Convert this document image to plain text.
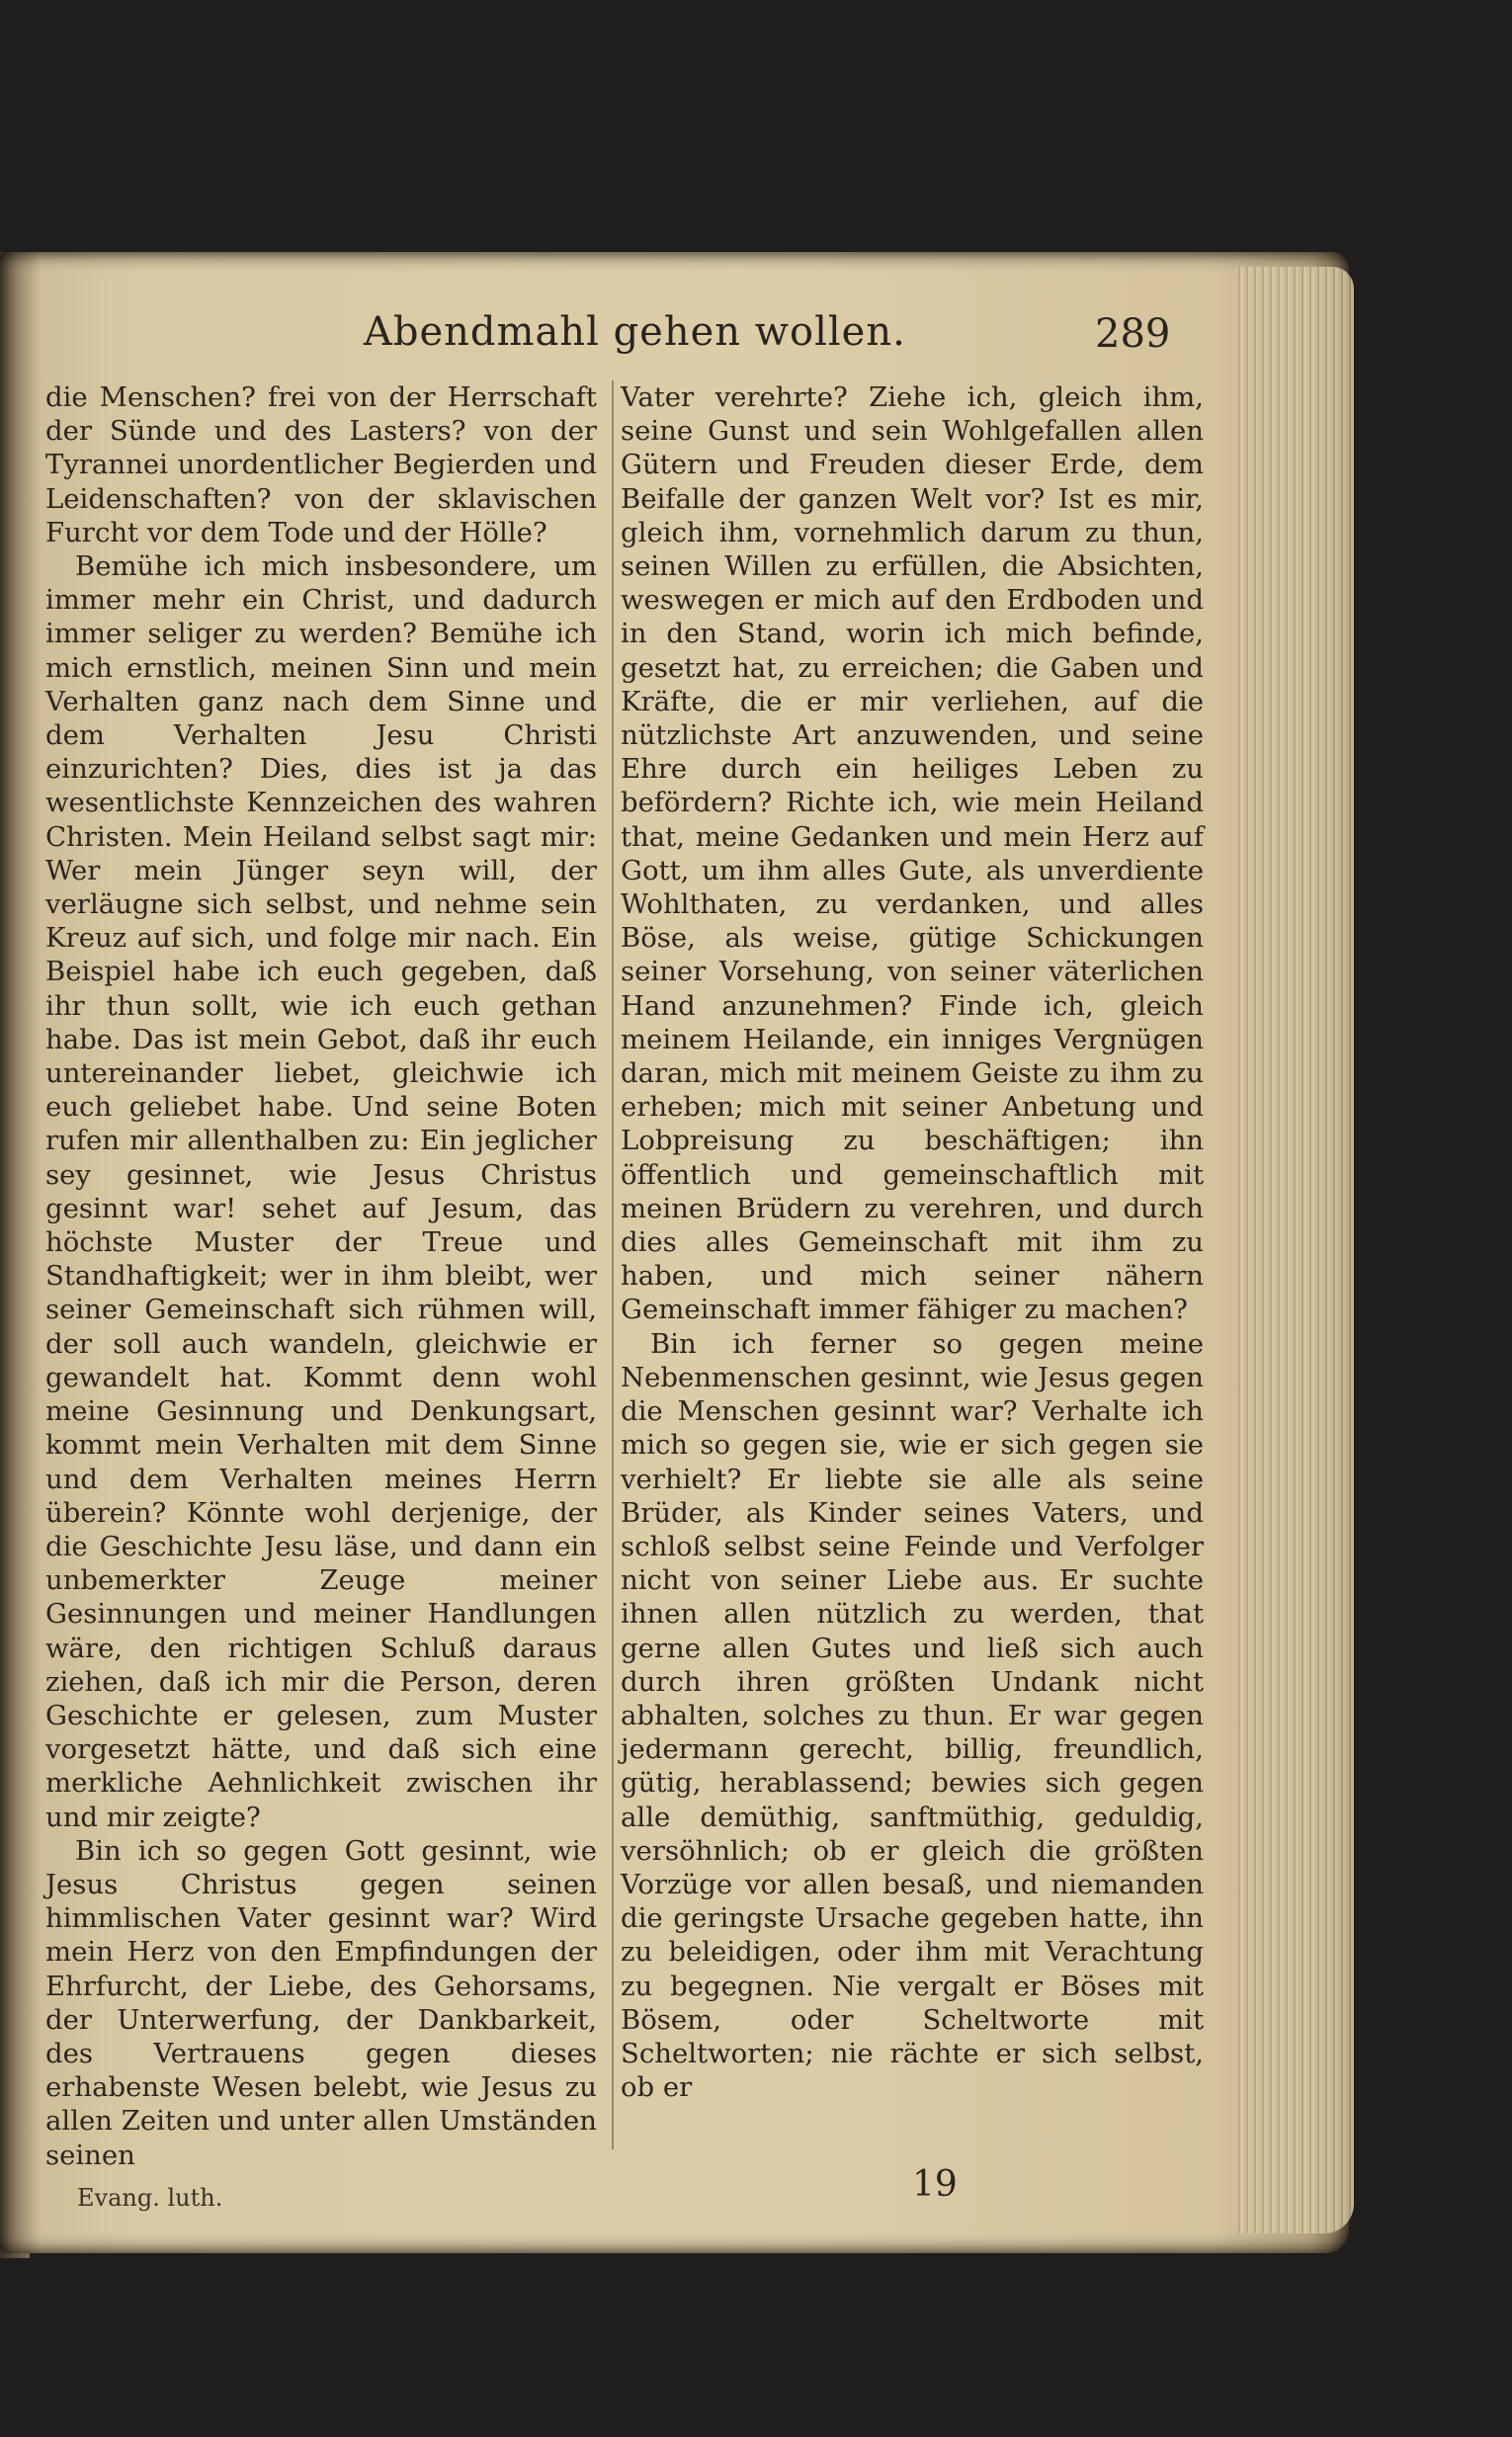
Abendmahl gehen wollen.	289

die Menschen? frei von der Herrschaft der Sünde und des Lasters? von der Tyrannei unordentlicher Begierden und Leidenschaften? von der sklavischen Furcht vor dem Tode und der Hölle?

Bemühe ich mich insbesondere, um immer mehr ein Christ, und dadurch immer seliger zu werden? Bemühe ich mich ernstlich, meinen Sinn und mein Verhalten ganz nach dem Sinne und dem Verhalten Jesu Christi einzurichten? Dies, dies ist ja das wesentlichste Kennzeichen des wahren Christen. Mein Heiland selbst sagt mir: Wer mein Jünger seyn will, der verläugne sich selbst, und nehme sein Kreuz auf sich, und folge mir nach. Ein Beispiel habe ich euch gegeben, daß ihr thun sollt, wie ich euch gethan habe. Das ist mein Gebot, daß ihr euch untereinander liebet, gleichwie ich euch geliebet habe. Und seine Boten rufen mir allenthalben zu: Ein jeglicher sey gesinnet, wie Jesus Christus gesinnt war! sehet auf Jesum, das höchste Muster der Treue und Standhaftigkeit; wer in ihm bleibt, wer seiner Gemeinschaft sich rühmen will, der soll auch wandeln, gleichwie er gewandelt hat. Kommt denn wohl meine Gesinnung und Denkungsart, kommt mein Verhalten mit dem Sinne und dem Verhalten meines Herrn überein? Könnte wohl derjenige, der die Geschichte Jesu läse, und dann ein unbemerkter Zeuge meiner Gesinnungen und meiner Handlungen wäre, den richtigen Schluß daraus ziehen, daß ich mir die Person, deren Geschichte er gelesen, zum Muster vorgesetzt hätte, und daß sich eine merkliche Aehnlichkeit zwischen ihr und mir zeigte?

Bin ich so gegen Gott gesinnt, wie Jesus Christus gegen seinen himmlischen Vater gesinnt war? Wird mein Herz von den Empfindungen der Ehrfurcht, der Liebe, des Gehorsams, der Unterwerfung, der Dankbarkeit, des Vertrauens gegen dieses erhabenste Wesen belebt, wie Jesus zu allen Zeiten und unter allen Umständen seinen

Vater verehrte? Ziehe ich, gleich ihm, seine Gunst und sein Wohlgefallen allen Gütern und Freuden dieser Erde, dem Beifalle der ganzen Welt vor? Ist es mir, gleich ihm, vornehmlich darum zu thun, seinen Willen zu erfüllen, die Absichten, weswegen er mich auf den Erdboden und in den Stand, worin ich mich befinde, gesetzt hat, zu erreichen; die Gaben und Kräfte, die er mir verliehen, auf die nützlichste Art anzuwenden, und seine Ehre durch ein heiliges Leben zu befördern? Richte ich, wie mein Heiland that, meine Gedanken und mein Herz auf Gott, um ihm alles Gute, als unverdiente Wohlthaten, zu verdanken, und alles Böse, als weise, gütige Schickungen seiner Vorsehung, von seiner väterlichen Hand anzunehmen? Finde ich, gleich meinem Heilande, ein inniges Vergnügen daran, mich mit meinem Geiste zu ihm zu erheben; mich mit seiner Anbetung und Lobpreisung zu beschäftigen; ihn öffentlich und gemeinschaftlich mit meinen Brüdern zu verehren, und durch dies alles Gemeinschaft mit ihm zu haben, und mich seiner nähern Gemeinschaft immer fähiger zu machen?

Bin ich ferner so gegen meine Nebenmenschen gesinnt, wie Jesus gegen die Menschen gesinnt war? Verhalte ich mich so gegen sie, wie er sich gegen sie verhielt? Er liebte sie alle als seine Brüder, als Kinder seines Vaters, und schloß selbst seine Feinde und Verfolger nicht von seiner Liebe aus. Er suchte ihnen allen nützlich zu werden, that gerne allen Gutes und ließ sich auch durch ihren größten Undank nicht abhalten, solches zu thun. Er war gegen jedermann gerecht, billig, freundlich, gütig, herablassend; bewies sich gegen alle demüthig, sanftmüthig, geduldig, versöhnlich; ob er gleich die größten Vorzüge vor allen besaß, und niemanden die geringste Ursache gegeben hatte, ihn zu beleidigen, oder ihm mit Verachtung zu begegnen. Nie vergalt er Böses mit Bösem, oder Scheltworte mit Scheltworten; nie rächte er sich selbst, ob er

Evang. luth.	19
